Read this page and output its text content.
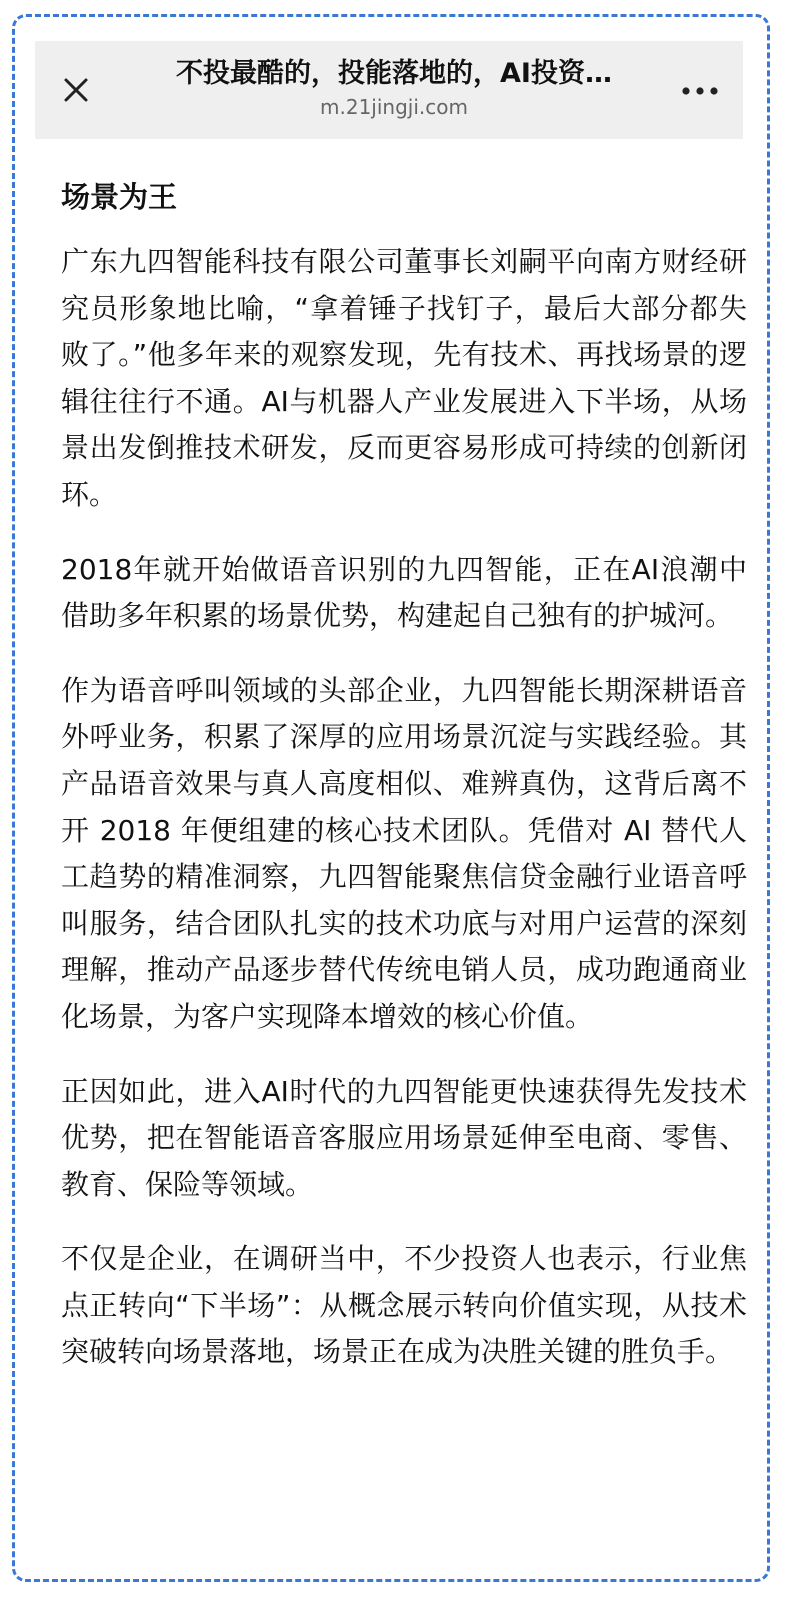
不投最酷的，投能落地的，AI投资…
m.21jingji.com
场景为王

广东九四智能科技有限公司董事长刘嗣平向南方财经研究员形象地比喻，“拿着锤子找钉子，最后大部分都失败了。”他多年来的观察发现，先有技术、再找场景的逻辑往往行不通。AI与机器人产业发展进入下半场，从场景出发倒推技术研发，反而更容易形成可持续的创新闭环。

2018年就开始做语音识别的九四智能，正在AI浪潮中借助多年积累的场景优势，构建起自己独有的护城河。

作为语音呼叫领域的头部企业，九四智能长期深耕语音外呼业务，积累了深厚的应用场景沉淀与实践经验。其产品语音效果与真人高度相似、难辨真伪，这背后离不开 2018 年便组建的核心技术团队。凭借对 AI 替代人工趋势的精准洞察，九四智能聚焦信贷金融行业语音呼叫服务，结合团队扎实的技术功底与对用户运营的深刻理解，推动产品逐步替代传统电销人员，成功跑通商业化场景，为客户实现降本增效的核心价值。

正因如此，进入AI时代的九四智能更快速获得先发技术优势，把在智能语音客服应用场景延伸至电商、零售、教育、保险等领域。

不仅是企业，在调研当中，不少投资人也表示，行业焦点正转向“下半场”：从概念展示转向价值实现，从技术突破转向场景落地，场景正在成为决胜关键的胜负手。
